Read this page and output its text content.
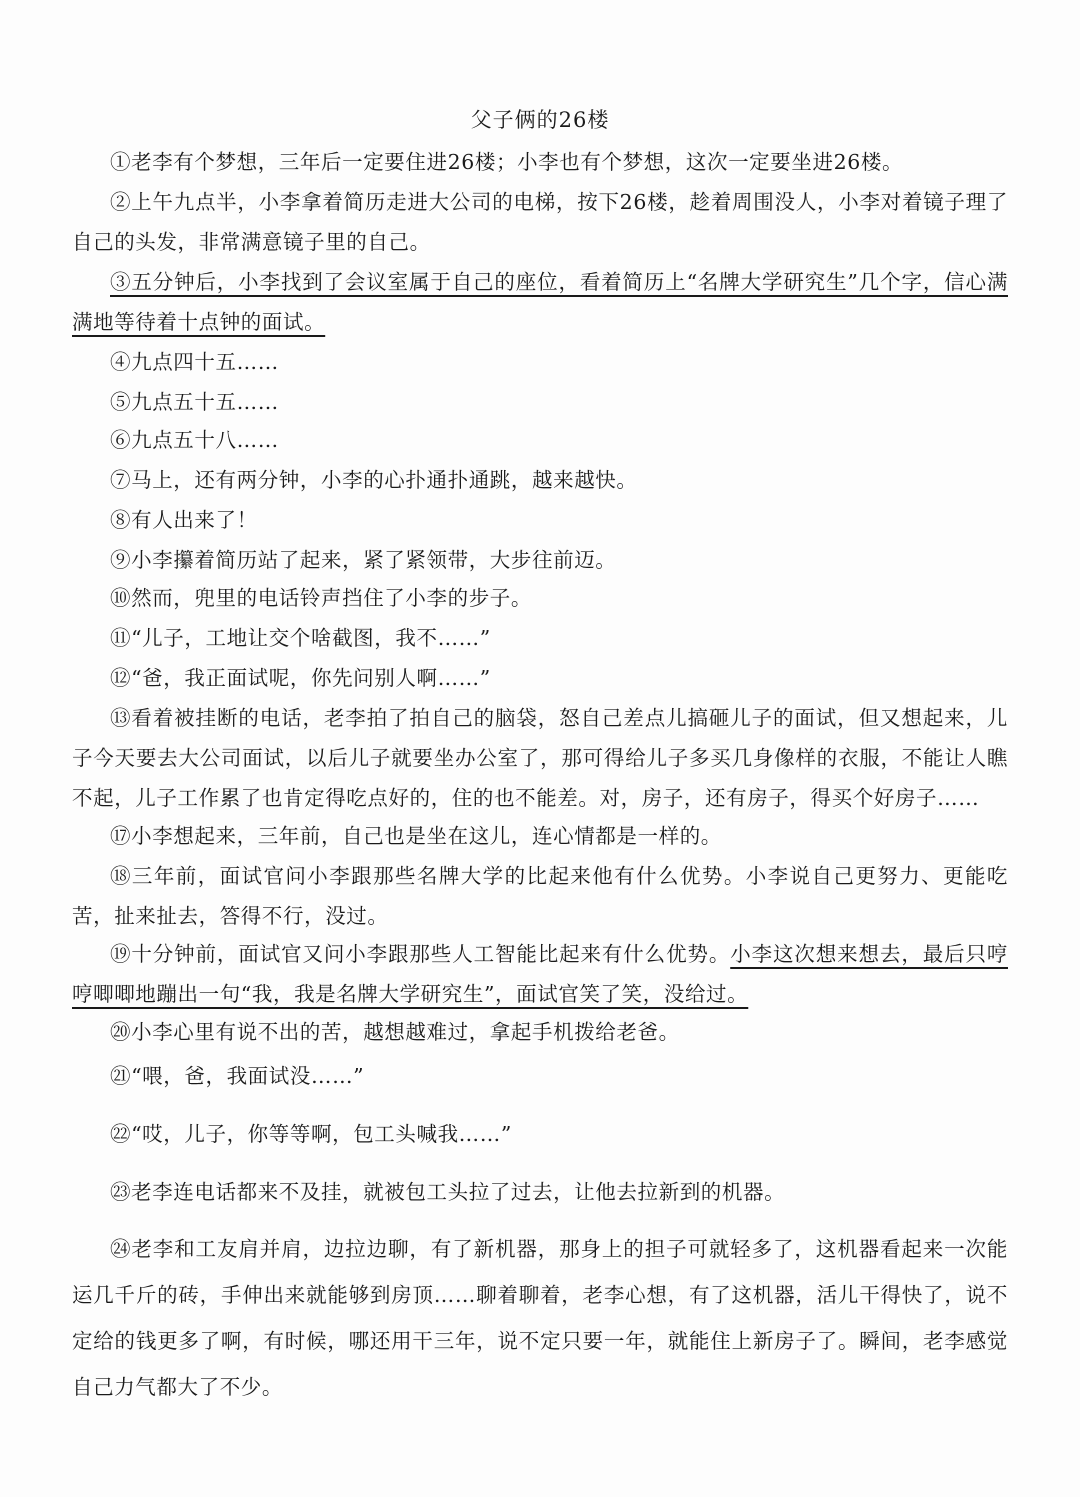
父子俩的26楼

①老李有个梦想，三年后一定要住进26楼；小李也有个梦想，这次一定要坐进26楼。

②上午九点半，小李拿着简历走进大公司的电梯，按下26楼，趁着周围没人，小李对着镜子理了自己的头发，非常满意镜子里的自己。

③五分钟后，小李找到了会议室属于自己的座位，看着简历上“名牌大学研究生”几个字，信心满满地等待着十点钟的面试。

④九点四十五……

⑤九点五十五……

⑥九点五十八……

⑦马上，还有两分钟，小李的心扑通扑通跳，越来越快。

⑧有人出来了！

⑨小李攥着简历站了起来，紧了紧领带，大步往前迈。

⑩然而，兜里的电话铃声挡住了小李的步子。

⑪“儿子，工地让交个啥截图，我不……”

⑫“爸，我正面试呢，你先问别人啊……”

⑬看着被挂断的电话，老李拍了拍自己的脑袋，怒自己差点儿搞砸儿子的面试，但又想起来，儿子今天要去大公司面试，以后儿子就要坐办公室了，那可得给儿子多买几身像样的衣服，不能让人瞧不起，儿子工作累了也肯定得吃点好的，住的也不能差。对，房子，还有房子，得买个好房子……

⑰小李想起来，三年前，自己也是坐在这儿，连心情都是一样的。

⑱三年前，面试官问小李跟那些名牌大学的比起来他有什么优势。小李说自己更努力、更能吃苦，扯来扯去，答得不行，没过。

⑲十分钟前，面试官又问小李跟那些人工智能比起来有什么优势。小李这次想来想去，最后只哼哼唧唧地蹦出一句“我，我是名牌大学研究生”，面试官笑了笑，没给过。

⑳小李心里有说不出的苦，越想越难过，拿起手机拨给老爸。

㉑“喂，爸，我面试没……”

㉒“哎，儿子，你等等啊，包工头喊我……”

㉓老李连电话都来不及挂，就被包工头拉了过去，让他去拉新到的机器。

㉔老李和工友肩并肩，边拉边聊，有了新机器，那身上的担子可就轻多了，这机器看起来一次能运几千斤的砖，手伸出来就能够到房顶……聊着聊着，老李心想，有了这机器，活儿干得快了，说不定给的钱更多了啊，有时候，哪还用干三年，说不定只要一年，就能住上新房子了。瞬间，老李感觉自己力气都大了不少。
